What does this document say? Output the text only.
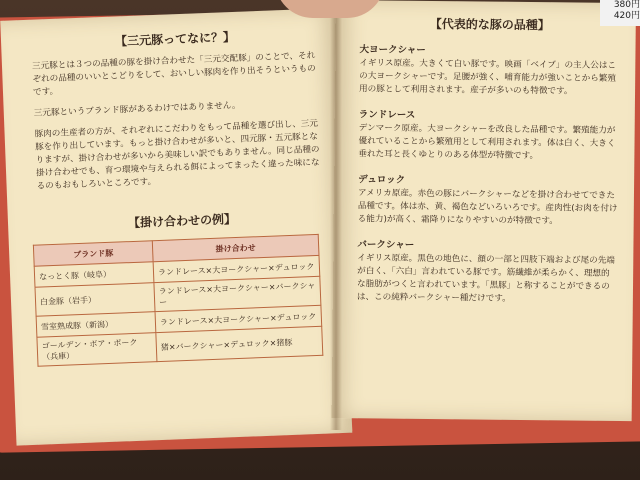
【三元豚ってなに？】

三元豚とは３つの品種の豚を掛け合わせた「三元交配豚」のことで、それぞれの品種のいいとこどりをして、おいしい豚肉を作り出そうというものです。

三元豚というブランド豚があるわけではありません。

豚肉の生産者の方が、それぞれにこだわりをもって品種を選び出し、三元豚を作り出しています。もっと掛け合わせが多いと、四元豚・五元豚となりますが、掛け合わせが多いから美味しい訳でもありません。同じ品種の掛け合わせでも、育つ環境や与えられる餌によってまったく違った味になるのもおもしろいところです。

【掛け合わせの例】

ブランド豚	掛け合わせ
なっとく豚（岐阜）	ランドレース×大ヨークシャー×デュロック
白金豚（岩手）	ランドレース×大ヨークシャー×バークシャー
雪室熟成豚（新潟）	ランドレース×大ヨークシャー×デュロック
ゴールデン・ボア・ポーク（兵庫）	猪×バークシャー×デュロック×猪豚

【代表的な豚の品種】

大ヨークシャー

イギリス原産。大きくて白い豚です。映画「ベイブ」の主人公はこの大ヨークシャーです。足腰が強く、哺育能力が強いことから繁殖用の豚として利用されます。産子が多いのも特徴です。

ランドレース

デンマーク原産。大ヨークシャーを改良した品種です。繁殖能力が優れていることから繁殖用として利用されます。体は白く、大きく垂れた耳と長くゆとりのある体型が特徴です。

デュロック

アメリカ原産。赤色の豚にバークシャーなどを掛け合わせてできた品種です。体は赤、黄、褐色などいろいろです。産肉性(お肉を付ける能力)が高く、霜降りになりやすいのが特徴です。

バークシャー

イギリス原産。黒色の地色に、顔の一部と四肢下端および尾の先端が白く、「六白」言われている豚です。筋繊維が柔らかく、理想的な脂肪がつくと言われています。「黒豚」と称することができるのは、この純粋バークシャー種だけです。

380円
420円
